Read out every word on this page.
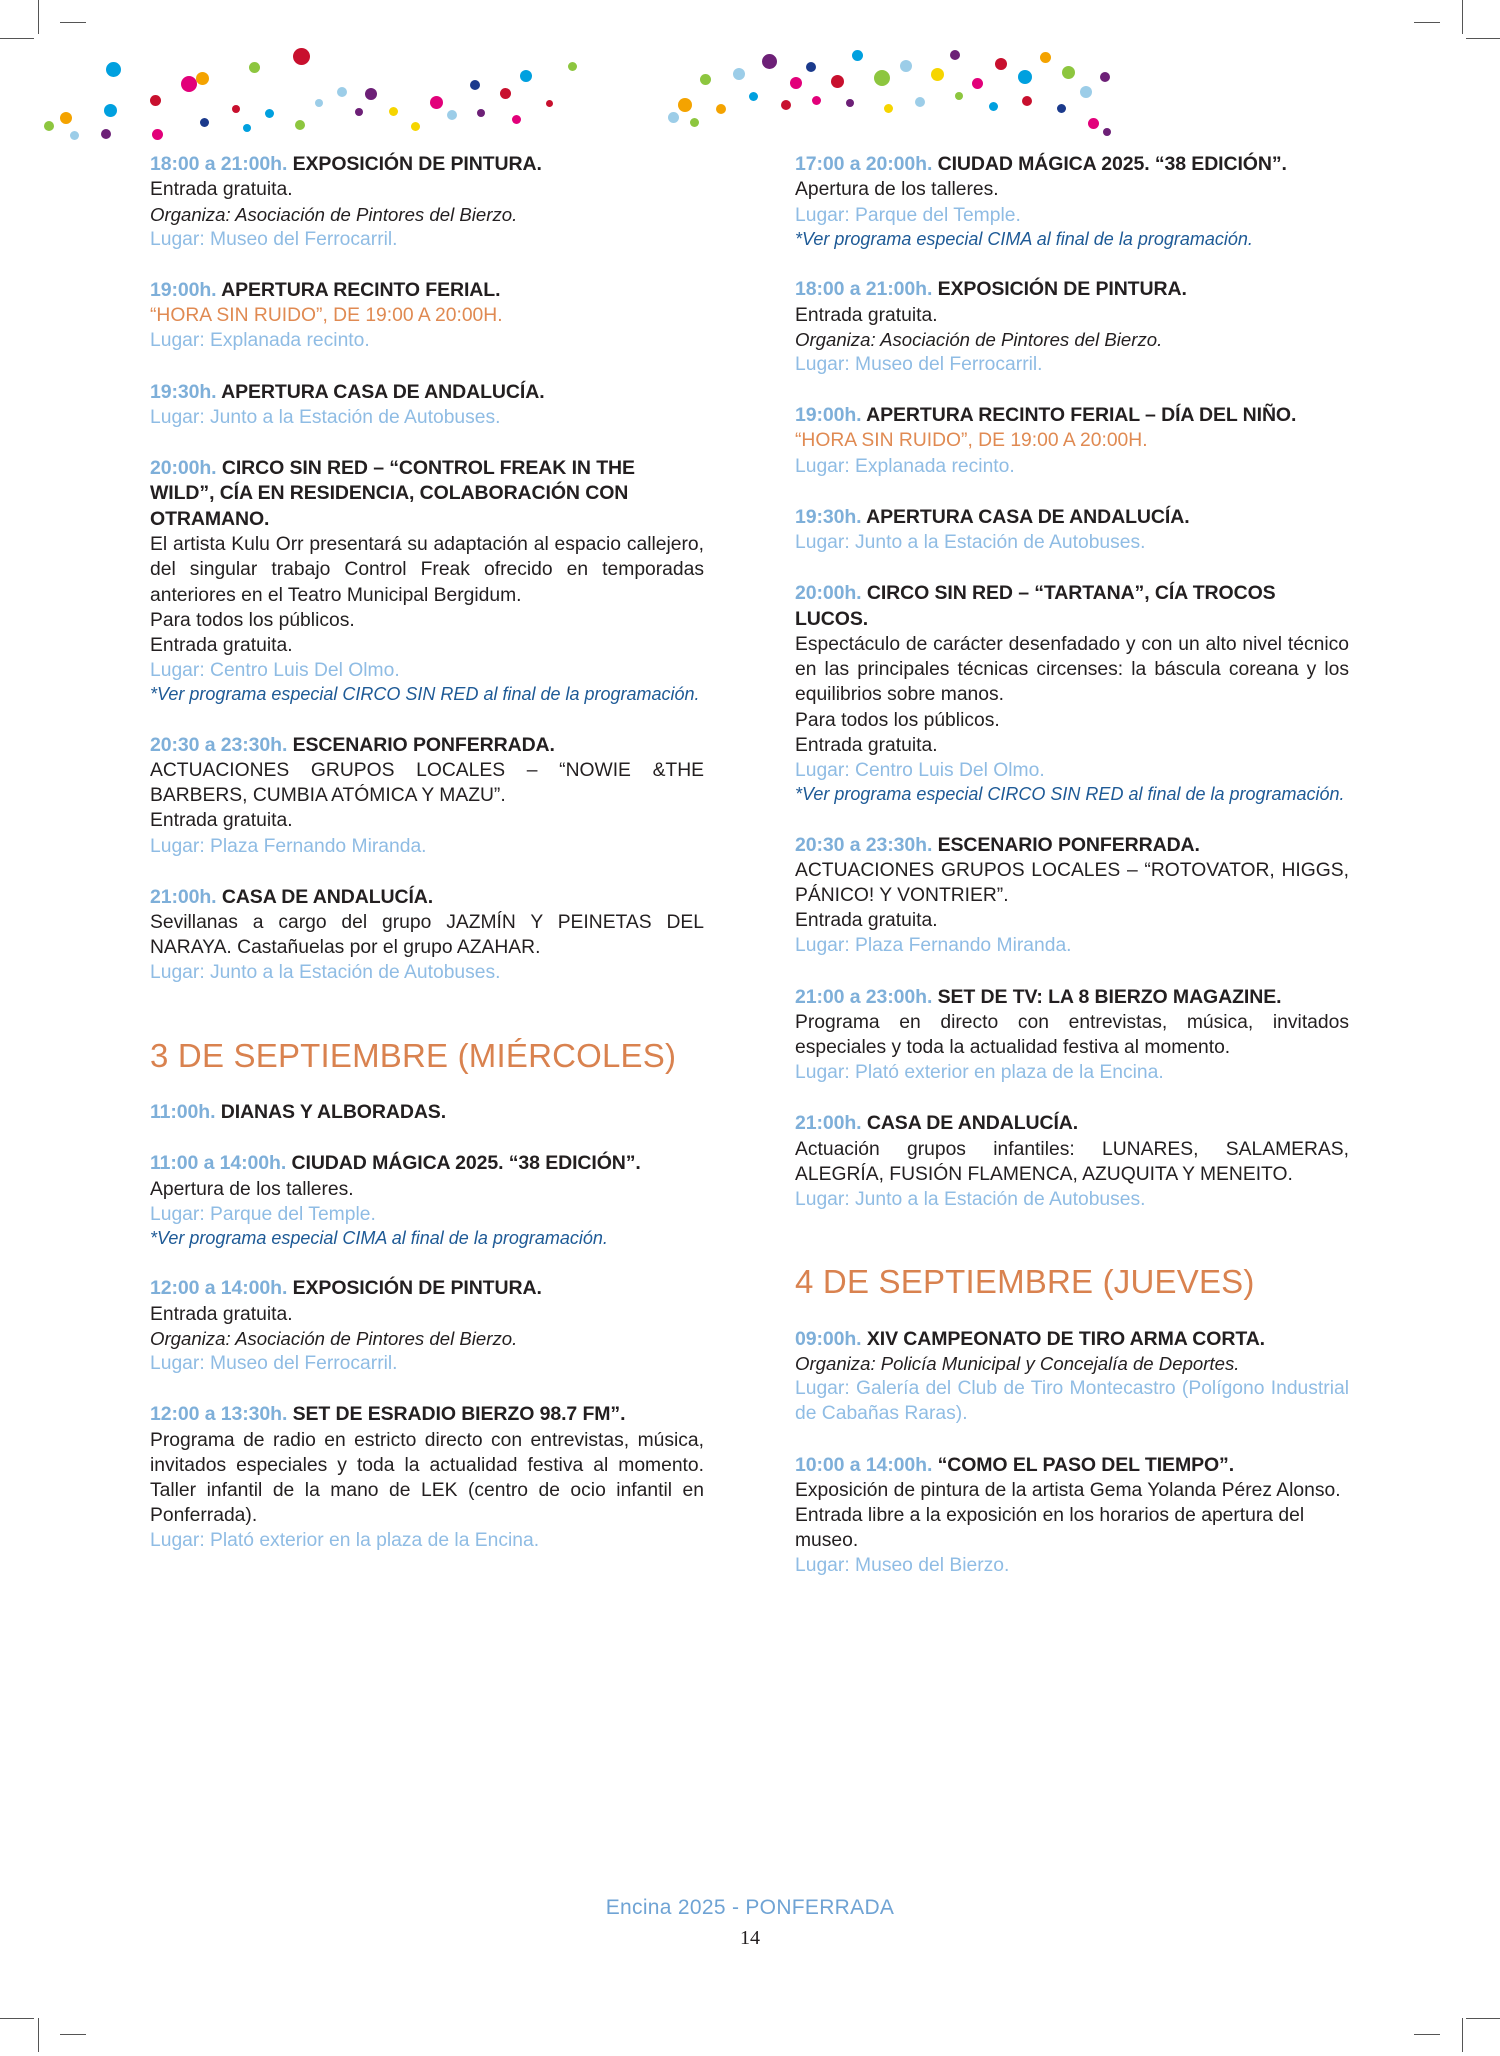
18:00 a 21:00h. EXPOSICIÓN DE PINTURA.
Entrada gratuita.
Organiza: Asociación de Pintores del Bierzo.
Lugar: Museo del Ferrocarril.
19:00h. APERTURA RECINTO FERIAL.
“HORA SIN RUIDO”, DE 19:00 A 20:00H.
Lugar: Explanada recinto.
19:30h. APERTURA CASA DE ANDALUCÍA.
Lugar: Junto a la Estación de Autobuses.
20:00h. CIRCO SIN RED – “CONTROL FREAK IN THE WILD”, CÍA EN RESIDENCIA, COLABORACIÓN CON OTRAMANO.
El artista Kulu Orr presentará su adaptación al espacio callejero, del singular trabajo Control Freak ofrecido en temporadas anteriores en el Teatro Municipal Bergidum.
Para todos los públicos.
Entrada gratuita.
Lugar: Centro Luis Del Olmo.
*Ver programa especial CIRCO SIN RED al final de la programación.
20:30 a 23:30h. ESCENARIO PONFERRADA.
ACTUACIONES GRUPOS LOCALES – “NOWIE &THE BARBERS, CUMBIA ATÓMICA Y MAZU”.
Entrada gratuita.
Lugar: Plaza Fernando Miranda.
21:00h. CASA DE ANDALUCÍA.
Sevillanas a cargo del grupo JAZMÍN Y PEINETAS DEL NARAYA. Castañuelas por el grupo AZAHAR.
Lugar: Junto a la Estación de Autobuses.
3 DE SEPTIEMBRE (MIÉRCOLES)
11:00h. DIANAS Y ALBORADAS.
11:00 a 14:00h. CIUDAD MÁGICA 2025. “38 EDICIÓN”.
Apertura de los talleres.
Lugar: Parque del Temple.
*Ver programa especial CIMA al final de la programación.
12:00 a 14:00h. EXPOSICIÓN DE PINTURA.
Entrada gratuita.
Organiza: Asociación de Pintores del Bierzo.
Lugar: Museo del Ferrocarril.
12:00 a 13:30h. SET DE ESRADIO BIERZO 98.7 FM”.
Programa de radio en estricto directo con entrevistas, música, invitados especiales y toda la actualidad festiva al momento. Taller infantil de la mano de LEK (centro de ocio infantil en Ponferrada).
Lugar: Plató exterior en la plaza de la Encina.
17:00 a 20:00h. CIUDAD MÁGICA 2025. “38 EDICIÓN”.
Apertura de los talleres.
Lugar: Parque del Temple.
*Ver programa especial CIMA al final de la programación.
18:00 a 21:00h. EXPOSICIÓN DE PINTURA.
Entrada gratuita.
Organiza: Asociación de Pintores del Bierzo.
Lugar: Museo del Ferrocarril.
19:00h. APERTURA RECINTO FERIAL – DÍA DEL NIÑO.
“HORA SIN RUIDO”, DE 19:00 A 20:00H.
Lugar: Explanada recinto.
19:30h. APERTURA CASA DE ANDALUCÍA.
Lugar: Junto a la Estación de Autobuses.
20:00h. CIRCO SIN RED – “TARTANA”, CÍA TROCOS LUCOS.
Espectáculo de carácter desenfadado y con un alto nivel técnico en las principales técnicas circenses: la báscula coreana y los equilibrios sobre manos.
Para todos los públicos.
Entrada gratuita.
Lugar: Centro Luis Del Olmo.
*Ver programa especial CIRCO SIN RED al final de la programación.
20:30 a 23:30h. ESCENARIO PONFERRADA.
ACTUACIONES GRUPOS LOCALES – “ROTOVATOR, HIGGS, PÁNICO! Y VONTRIER”.
Entrada gratuita.
Lugar: Plaza Fernando Miranda.
21:00 a 23:00h. SET DE TV: LA 8 BIERZO MAGAZINE.
Programa en directo con entrevistas, música, invitados especiales y toda la actualidad festiva al momento.
Lugar: Plató exterior en plaza de la Encina.
21:00h. CASA DE ANDALUCÍA.
Actuación grupos infantiles: LUNARES, SALAMERAS, ALEGRÍA, FUSIÓN FLAMENCA, AZUQUITA Y MENEITO.
Lugar: Junto a la Estación de Autobuses.
4 DE SEPTIEMBRE (JUEVES)
09:00h. XIV CAMPEONATO DE TIRO ARMA CORTA.
Organiza: Policía Municipal y Concejalía de Deportes.
Lugar: Galería del Club de Tiro Montecastro (Polígono Industrial de Cabañas Raras).
10:00 a 14:00h. “COMO EL PASO DEL TIEMPO”.
Exposición de pintura de la artista Gema Yolanda Pérez Alonso.
Entrada libre a la exposición en los horarios de apertura del museo.
Lugar: Museo del Bierzo.
Encina 2025 - PONFERRADA
14
